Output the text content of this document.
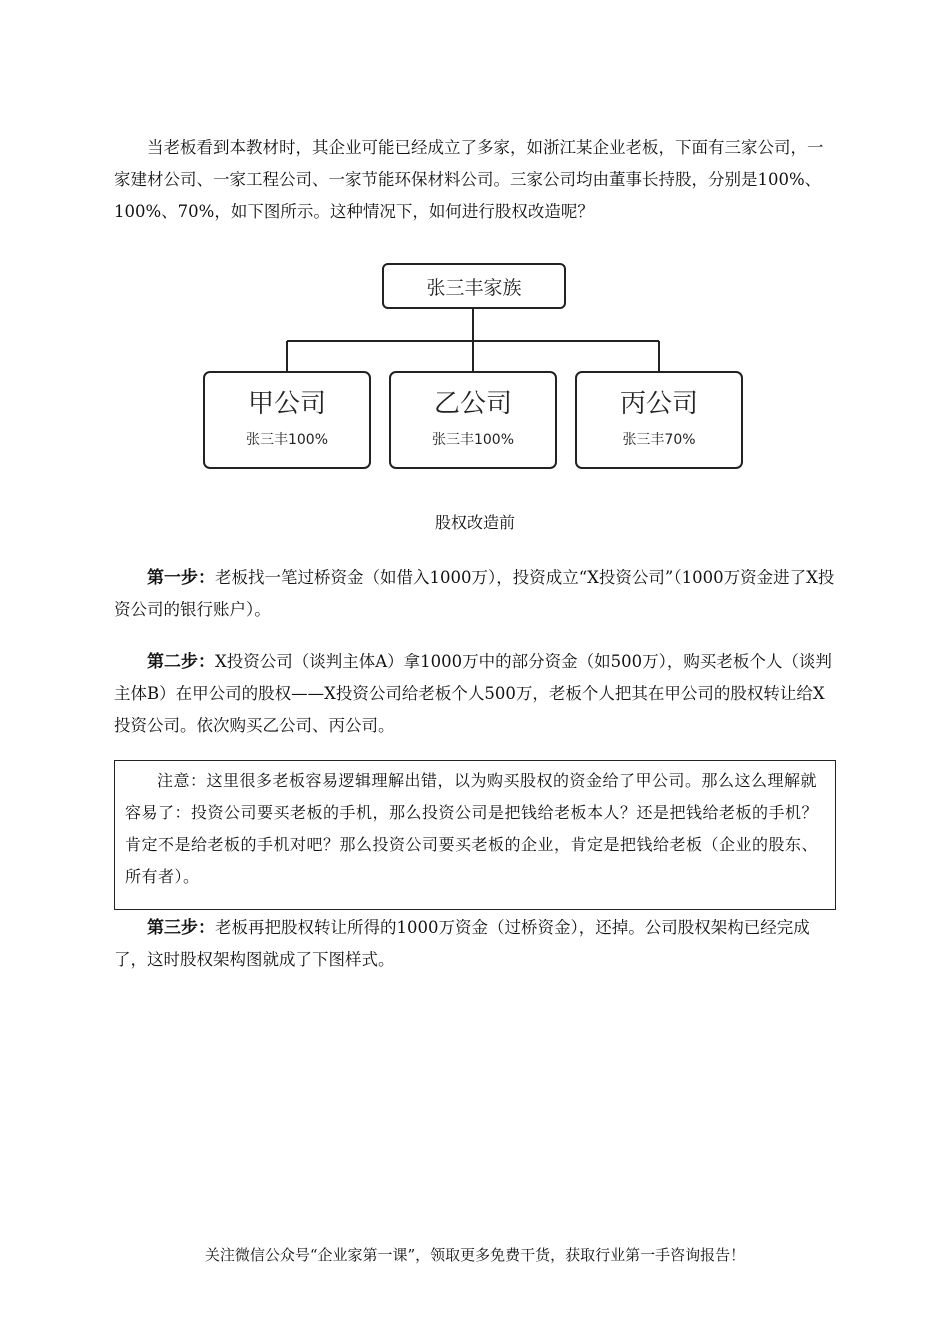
当老板看到本教材时，其企业可能已经成立了多家，如浙江某企业老板，下面有三家公司，一家建材公司、一家工程公司、一家节能环保材料公司。三家公司均由董事长持股，分别是100%、100%、70%，如下图所示。这种情况下，如何进行股权改造呢？

张三丰家族
甲公司
张三丰100%
乙公司
张三丰100%
丙公司
张三丰70%
股权改造前

第一步：老板找一笔过桥资金（如借入1000万），投资成立“X投资公司”（1000万资金进了X投资公司的银行账户）。

第二步：X投资公司（谈判主体A）拿1000万中的部分资金（如500万），购买老板个人（谈判主体B）在甲公司的股权——X投资公司给老板个人500万，老板个人把其在甲公司的股权转让给X投资公司。依次购买乙公司、丙公司。

注意：这里很多老板容易逻辑理解出错，以为购买股权的资金给了甲公司。那么这么理解就容易了：投资公司要买老板的手机，那么投资公司是把钱给老板本人？还是把钱给老板的手机？肯定不是给老板的手机对吧？那么投资公司要买老板的企业，肯定是把钱给老板（企业的股东、所有者）。

第三步：老板再把股权转让所得的1000万资金（过桥资金），还掉。公司股权架构已经完成了，这时股权架构图就成了下图样式。

关注微信公众号“企业家第一课”，领取更多免费干货，获取行业第一手咨询报告！
